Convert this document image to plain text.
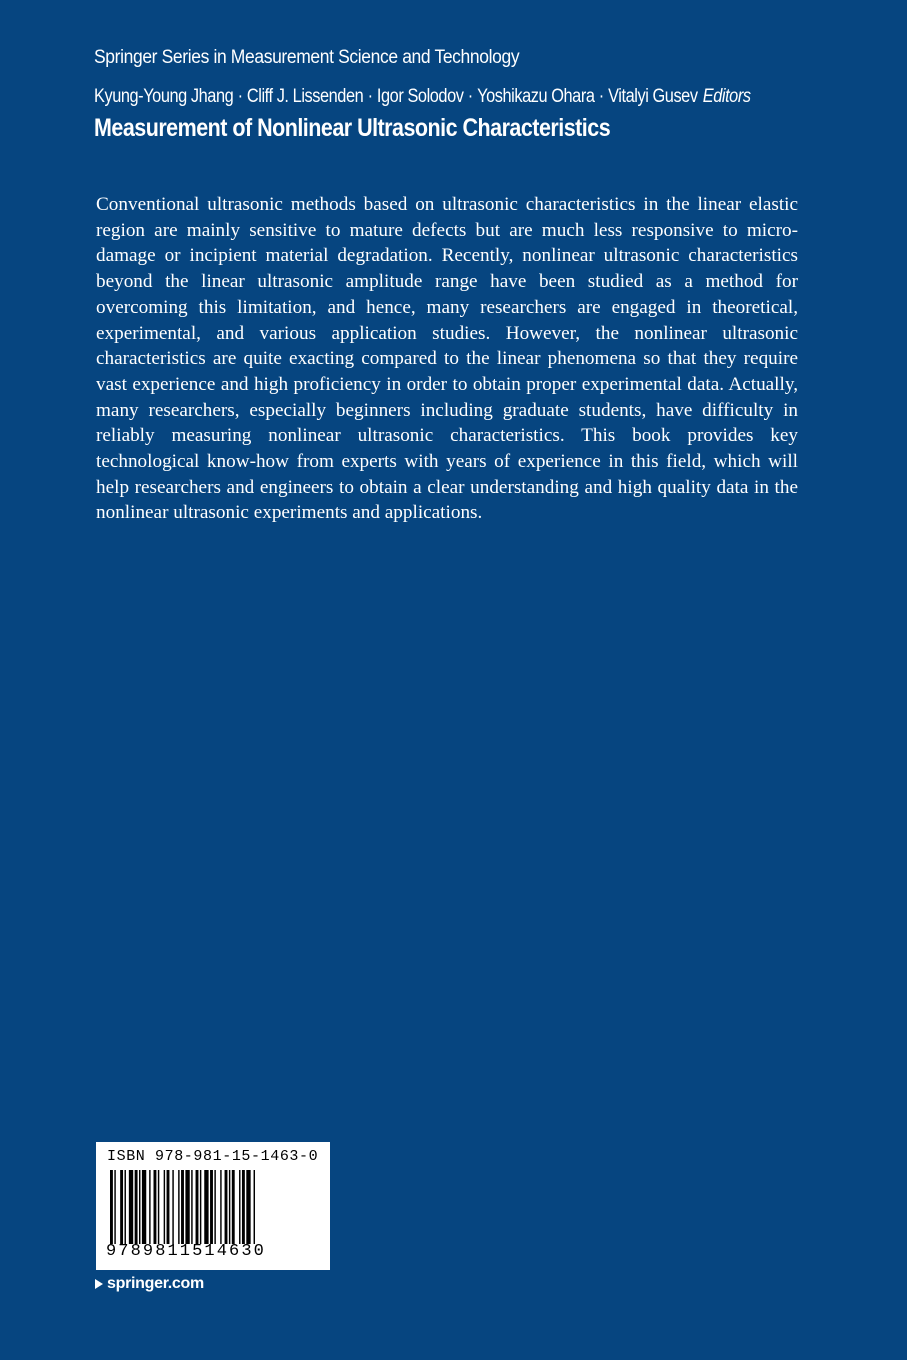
Springer Series in Measurement Science and Technology
Kyung-Young Jhang · Cliff J. Lissenden · Igor Solodov · Yoshikazu Ohara · Vitalyi Gusev Editors
Measurement of Nonlinear Ultrasonic Characteristics

Conventional ultrasonic methods based on ultrasonic characteristics in the linear elastic region are mainly sensitive to mature defects but are much less responsive to micro-damage or incipient material degradation. Recently, nonlinear ultrasonic characteristics beyond the linear ultrasonic amplitude range have been studied as a method for overcoming this limitation, and hence, many researchers are engaged in theoretical, experimental, and various application studies. However, the nonlinear ultrasonic characteristics are quite exacting compared to the linear phenomena so that they require vast experience and high proficiency in order to obtain proper experimental data. Actually, many researchers, especially beginners including graduate students, have difficulty in reliably measuring nonlinear ultrasonic characteristics. This book provides key technological know-how from experts with years of experience in this field, which will help researchers and engineers to obtain a clear understanding and high quality data in the nonlinear ultrasonic experiments and applications.

ISBN 978-981-15-1463-0
9789811514630
springer.com
